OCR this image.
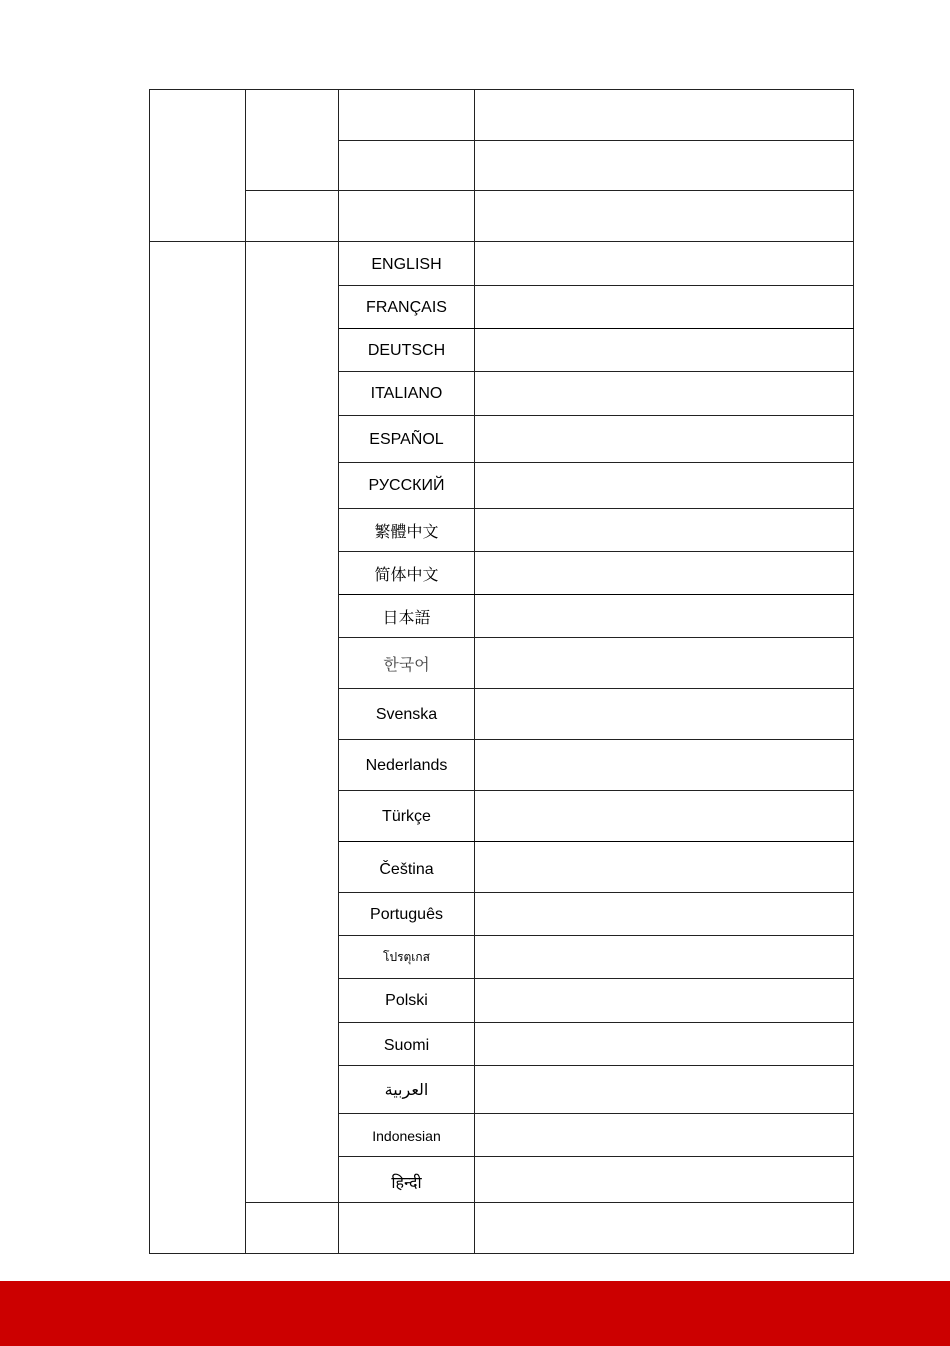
ENGLISH
FRANÇAIS
DEUTSCH
ITALIANO
ESPAÑOL
РУССКИЙ
繁體中文
简体中文
日本語
한국어
Svenska
Nederlands
Türkçe
Čeština
Português
โปรตุเกส
Polski
Suomi
العربية
Indonesian
हिन्दी
